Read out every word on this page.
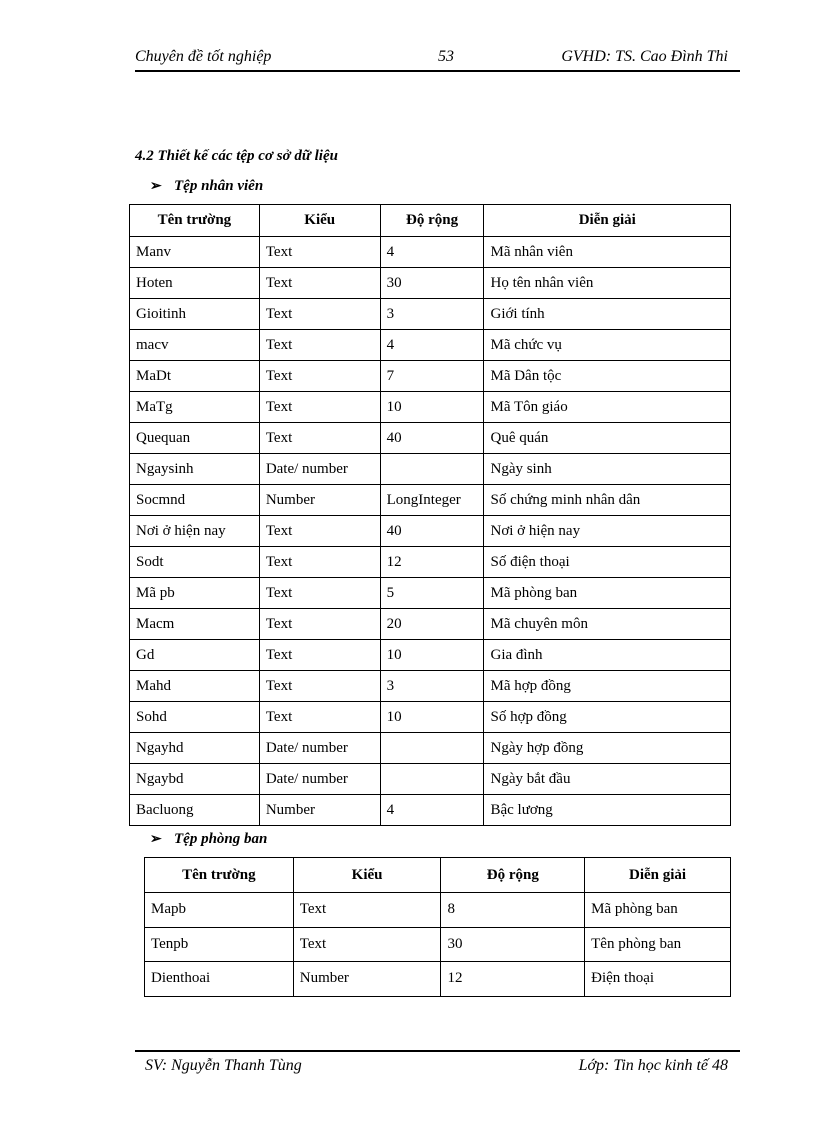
Chuyên đề tốt nghiệp	53	GVHD: TS. Cao Đình Thi
4.2 Thiết kế các tệp cơ sở dữ liệu
➢ Tệp nhân viên
Tên trường	Kiểu	Độ rộng	Diễn giải
Manv	Text	4	Mã nhân viên
Hoten	Text	30	Họ tên nhân viên
Gioitinh	Text	3	Giới tính
macv	Text	4	Mã chức vụ
MaDt	Text	7	Mã Dân tộc
MaTg	Text	10	Mã Tôn giáo
Quequan	Text	40	Quê quán
Ngaysinh	Date/ number		Ngày sinh
Socmnd	Number	LongInteger	Số chứng minh nhân dân
Nơi ở hiện nay	Text	40	Nơi ở hiện nay
Sodt	Text	12	Số điện thoại
Mã pb	Text	5	Mã phòng ban
Macm	Text	20	Mã chuyên môn
Gd	Text	10	Gia đình
Mahd	Text	3	Mã hợp đồng
Sohd	Text	10	Số hợp đồng
Ngayhd	Date/ number		Ngày hợp đồng
Ngaybd	Date/ number		Ngày bắt đầu
Bacluong	Number	4	Bậc lương
➢ Tệp phòng ban
Tên trường	Kiểu	Độ rộng	Diễn giải
Mapb	Text	8	Mã phòng ban
Tenpb	Text	30	Tên phòng ban
Dienthoai	Number	12	Điện thoại
SV: Nguyễn Thanh Tùng	Lớp: Tin học kinh tế 48
